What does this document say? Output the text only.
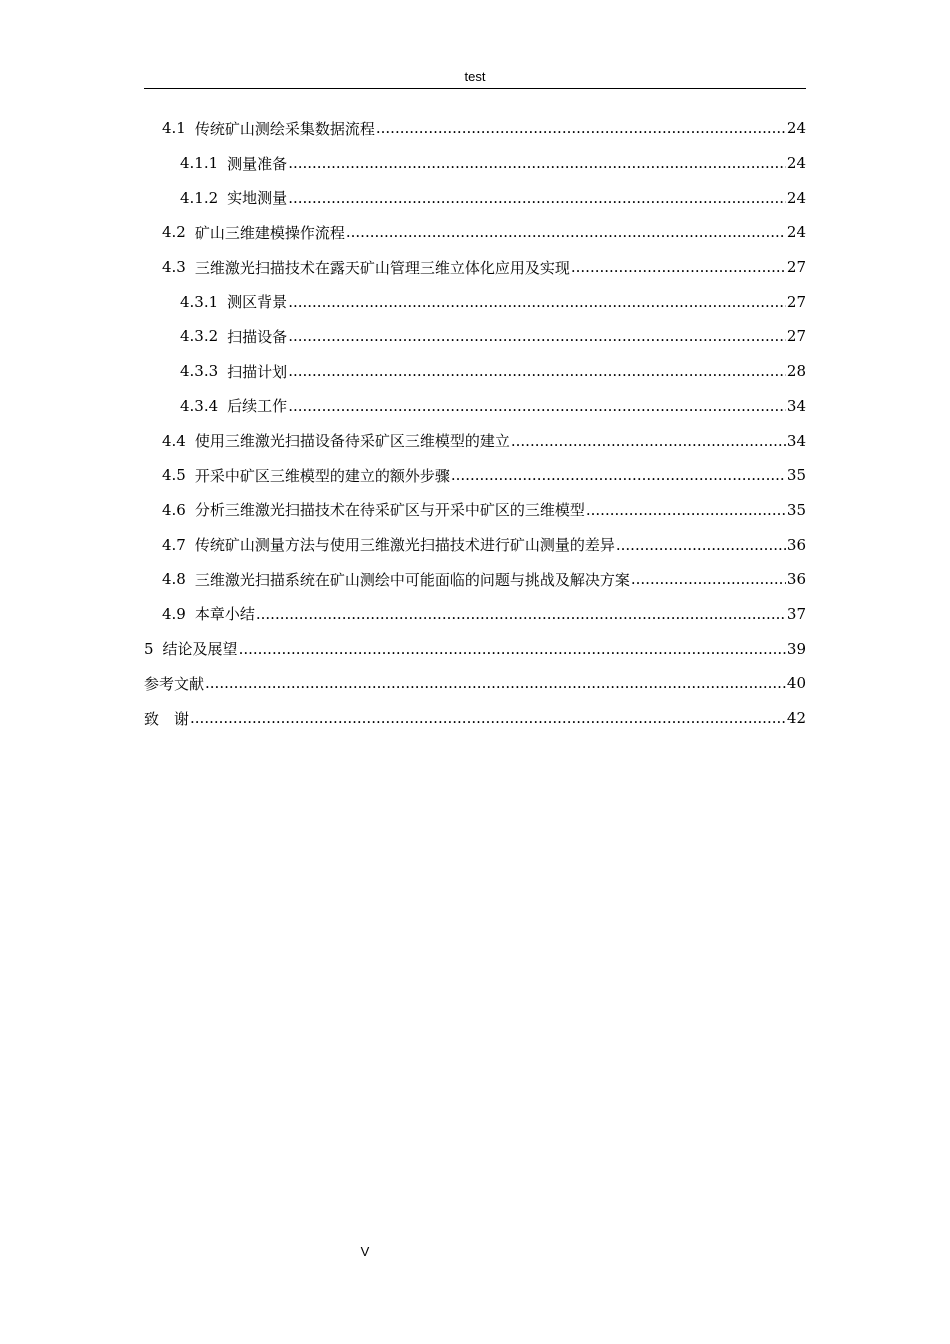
test
4.1 传统矿山测绘采集数据流程 .....	24
4.1.1 测量准备 .....	24
4.1.2 实地测量 .....	24
4.2 矿山三维建模操作流程 .....	24
4.3 三维激光扫描技术在露天矿山管理三维立体化应用及实现 .....	27
4.3.1 测区背景 .....	27
4.3.2 扫描设备 .....	27
4.3.3 扫描计划 .....	28
4.3.4 后续工作 .....	34
4.4 使用三维激光扫描设备待采矿区三维模型的建立 .....	34
4.5 开采中矿区三维模型的建立的额外步骤 .....	35
4.6 分析三维激光扫描技术在待采矿区与开采中矿区的三维模型 .....	35
4.7 传统矿山测量方法与使用三维激光扫描技术进行矿山测量的差异 .....	36
4.8 三维激光扫描系统在矿山测绘中可能面临的问题与挑战及解决方案 .....	36
4.9 本章小结 .....	37
5 结论及展望 .....	39
参考文献 .....	40
致　谢 .....	42
V
